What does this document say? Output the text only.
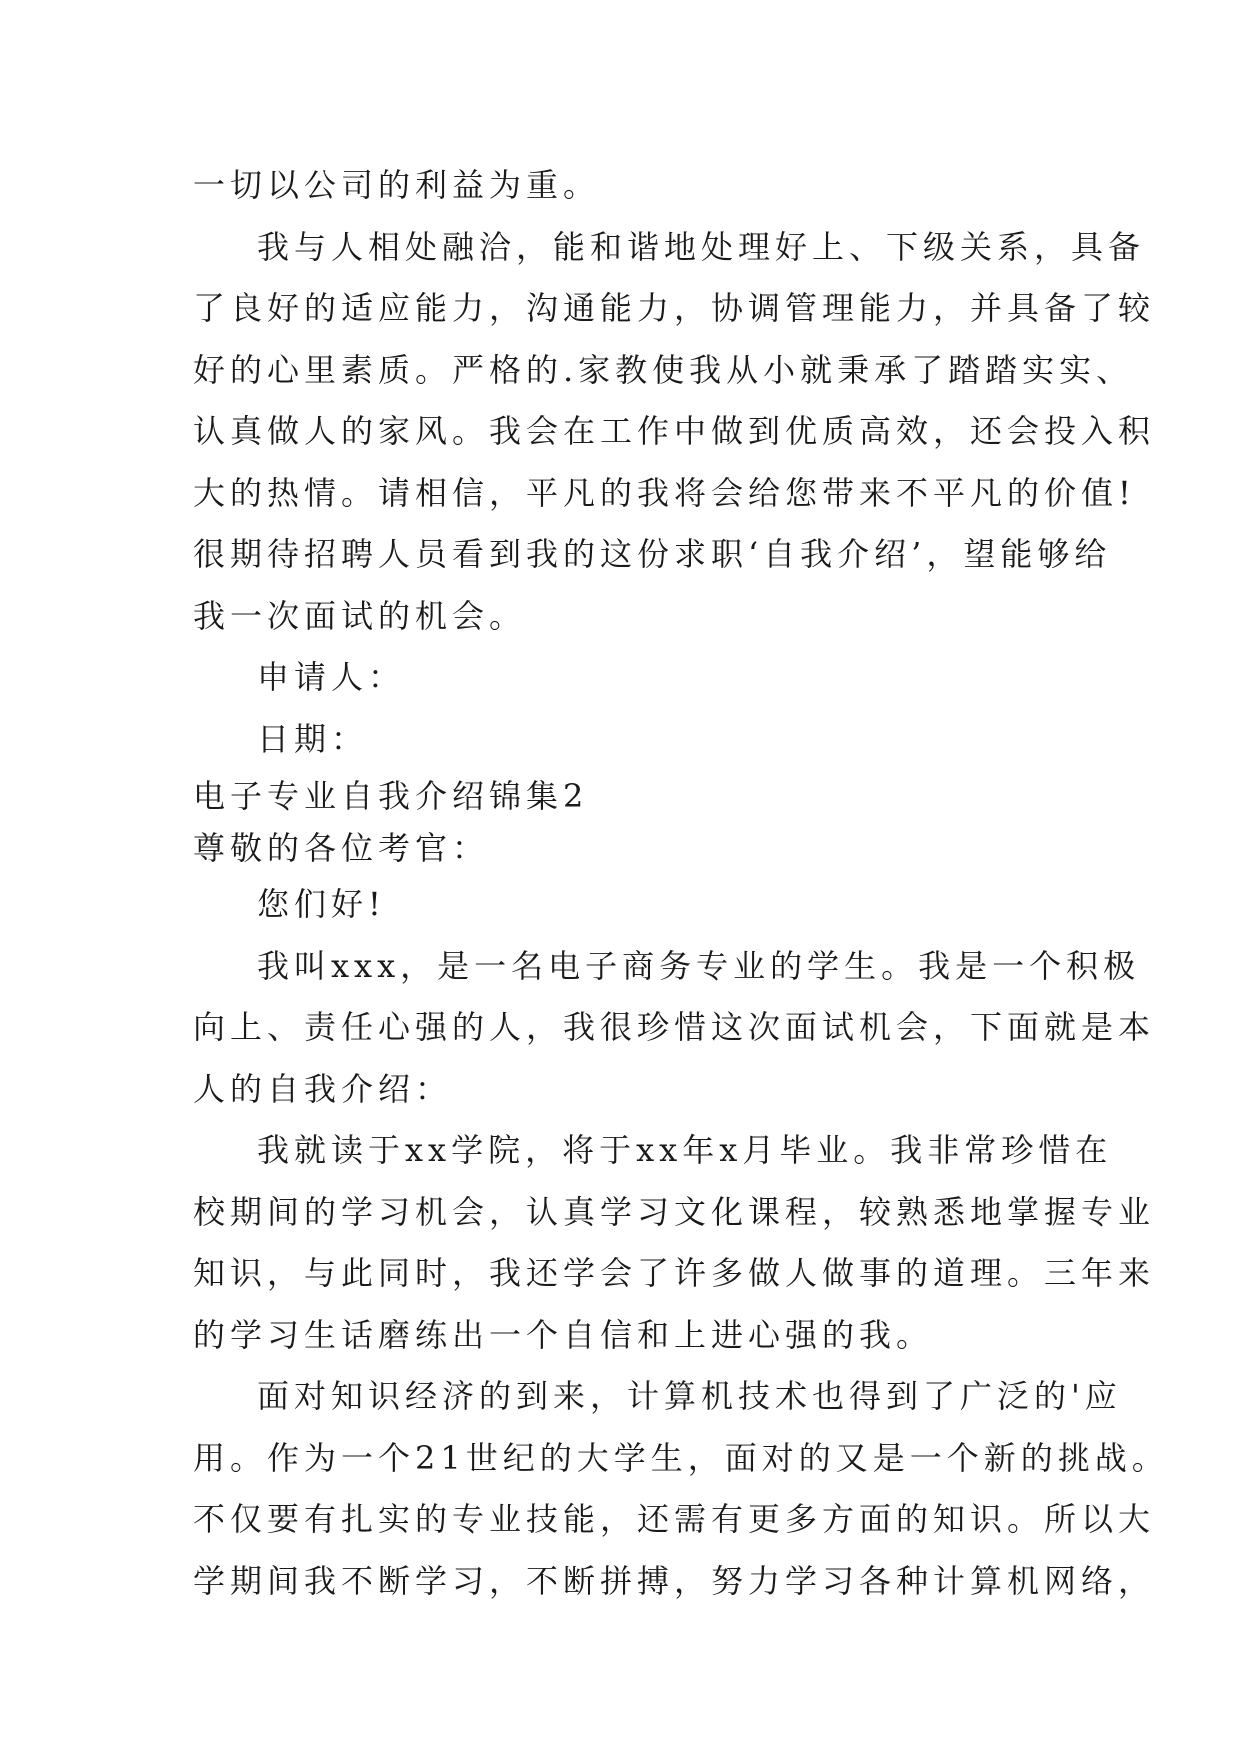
一切以公司的利益为重。
我与人相处融洽，能和谐地处理好上、下级关系，具备
了良好的适应能力，沟通能力，协调管理能力，并具备了较
好的心里素质。严格的.家教使我从小就秉承了踏踏实实、
认真做人的家风。我会在工作中做到优质高效，还会投入积
大的热情。请相信，平凡的我将会给您带来不平凡的价值!
很期待招聘人员看到我的这份求职‘自我介绍’，望能够给
我一次面试的机会。
申请人：
日期：
电子专业自我介绍锦集2
尊敬的各位考官：
您们好!
我叫xxx，是一名电子商务专业的学生。我是一个积极
向上、责任心强的人，我很珍惜这次面试机会，下面就是本
人的自我介绍：
我就读于xx学院，将于xx年x月毕业。我非常珍惜在
校期间的学习机会，认真学习文化课程，较熟悉地掌握专业
知识，与此同时，我还学会了许多做人做事的道理。三年来
的学习生话磨练出一个自信和上进心强的我。
面对知识经济的到来，计算机技术也得到了广泛的'应
用。作为一个21世纪的大学生，面对的又是一个新的挑战。
不仅要有扎实的专业技能，还需有更多方面的知识。所以大
学期间我不断学习，不断拼搏，努力学习各种计算机网络，
